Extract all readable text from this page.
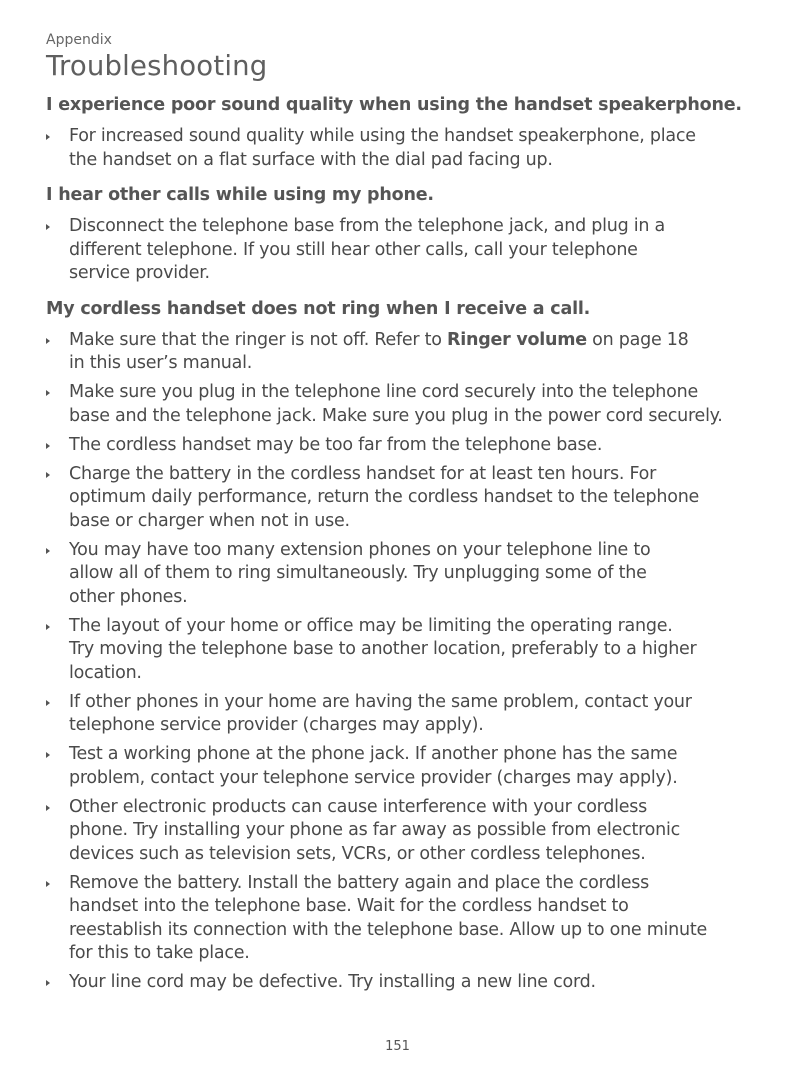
Appendix

Troubleshooting
I experience poor sound quality when using the handset speakerphone.
For increased sound quality while using the handset speakerphone, place
the handset on a flat surface with the dial pad facing up.
I hear other calls while using my phone.
Disconnect the telephone base from the telephone jack, and plug in a
different telephone. If you still hear other calls, call your telephone
service provider.
My cordless handset does not ring when I receive a call.
Make sure that the ringer is not off. Refer to Ringer volume on page 18
in this user’s manual.
Make sure you plug in the telephone line cord securely into the telephone
base and the telephone jack. Make sure you plug in the power cord securely.
The cordless handset may be too far from the telephone base.
Charge the battery in the cordless handset for at least ten hours. For
optimum daily performance, return the cordless handset to the telephone
base or charger when not in use.
You may have too many extension phones on your telephone line to
allow all of them to ring simultaneously. Try unplugging some of the
other phones.
The layout of your home or office may be limiting the operating range.
Try moving the telephone base to another location, preferably to a higher
location.
If other phones in your home are having the same problem, contact your
telephone service provider (charges may apply).
Test a working phone at the phone jack. If another phone has the same
problem, contact your telephone service provider (charges may apply).
Other electronic products can cause interference with your cordless
phone. Try installing your phone as far away as possible from electronic
devices such as television sets, VCRs, or other cordless telephones.
Remove the battery. Install the battery again and place the cordless
handset into the telephone base. Wait for the cordless handset to
reestablish its connection with the telephone base. Allow up to one minute
for this to take place.
Your line cord may be defective. Try installing a new line cord.
151
